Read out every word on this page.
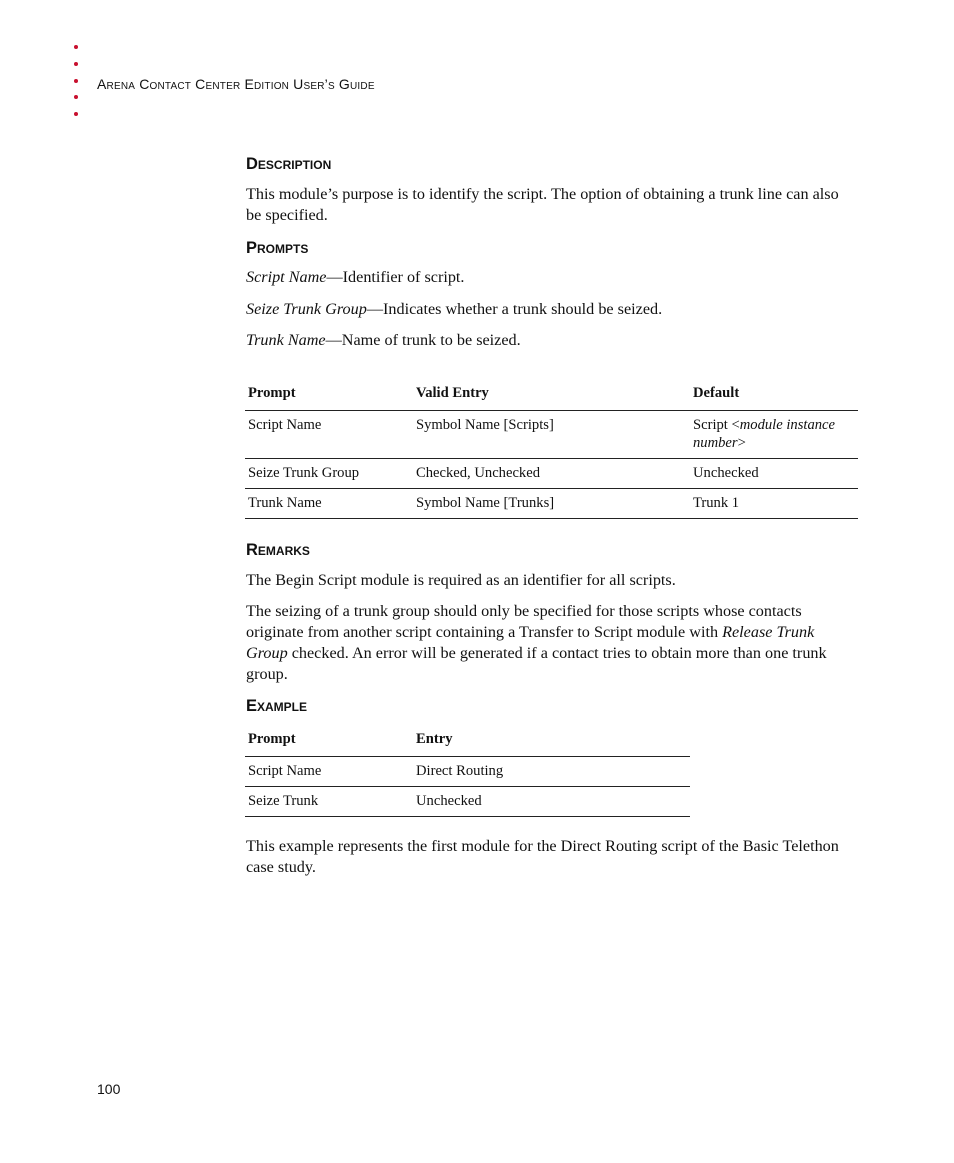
Arena Contact Center Edition User’s Guide
Description

This module’s purpose is to identify the script. The option of obtaining a trunk line can also be specified.

Prompts

Script Name—Identifier of script.

Seize Trunk Group—Indicates whether a trunk should be seized.

Trunk Name—Name of trunk to be seized.

Prompt	Valid Entry	Default
Script Name	Symbol Name [Scripts]	Script <module instance number>
Seize Trunk Group	Checked, Unchecked	Unchecked
Trunk Name	Symbol Name [Trunks]	Trunk 1
Remarks

The Begin Script module is required as an identifier for all scripts.

The seizing of a trunk group should only be specified for those scripts whose contacts originate from another script containing a Transfer to Script module with Release Trunk Group checked. An error will be generated if a contact tries to obtain more than one trunk group.

Example
Prompt	Entry
Script Name	Direct Routing
Seize Trunk	Unchecked

This example represents the first module for the Direct Routing script of the Basic Telethon case study.

100
